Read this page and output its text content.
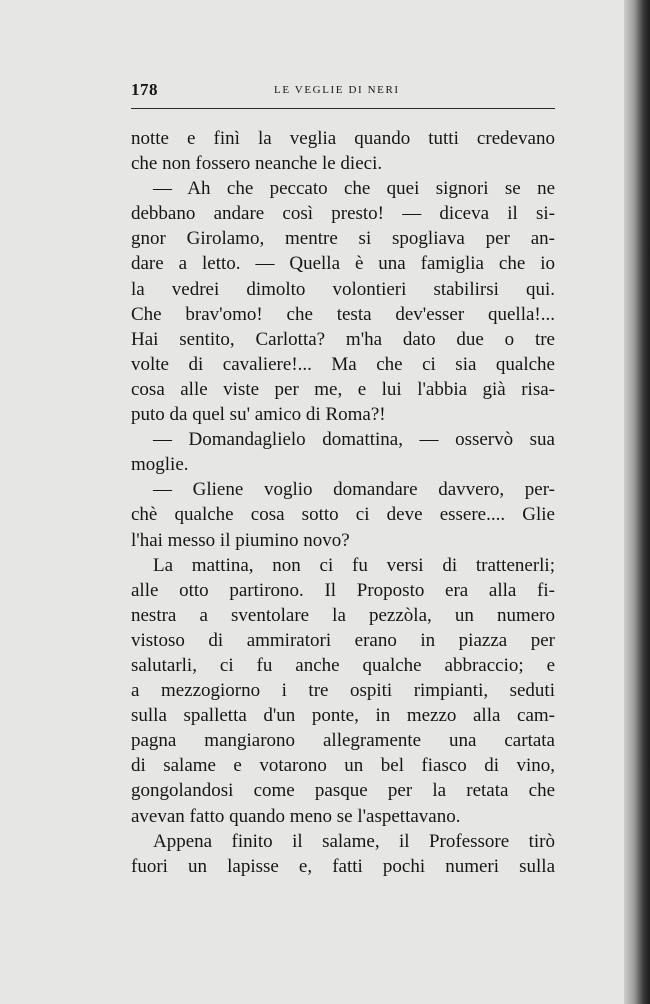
178	LE VEGLIE DI NERI
notte e finì la veglia quando tutti credevano
che non fossero neanche le dieci.
— Ah che peccato che quei signori se ne
debbano andare così presto! — diceva il si-
gnor Girolamo, mentre si spogliava per an-
dare a letto. — Quella è una famiglia che io
la vedrei dimolto volontieri stabilirsi qui.
Che brav'omo! che testa dev'esser quella!...
Hai sentito, Carlotta? m'ha dato due o tre
volte di cavaliere!... Ma che ci sia qualche
cosa alle viste per me, e lui l'abbia già risa-
puto da quel su' amico di Roma?!
— Domandaglielo domattina, — osservò sua
moglie.
— Gliene voglio domandare davvero, per-
chè qualche cosa sotto ci deve essere.... Glie
l'hai messo il piumino novo?
La mattina, non ci fu versi di trattenerli;
alle otto partirono. Il Proposto era alla fi-
nestra a sventolare la pezzòla, un numero
vistoso di ammiratori erano in piazza per
salutarli, ci fu anche qualche abbraccio; e
a mezzogiorno i tre ospiti rimpianti, seduti
sulla spalletta d'un ponte, in mezzo alla cam-
pagna mangiarono allegramente una cartata
di salame e votarono un bel fiasco di vino,
gongolandosi come pasque per la retata che
avevan fatto quando meno se l'aspettavano.
Appena finito il salame, il Professore tirò
fuori un lapisse e, fatti pochi numeri sulla
